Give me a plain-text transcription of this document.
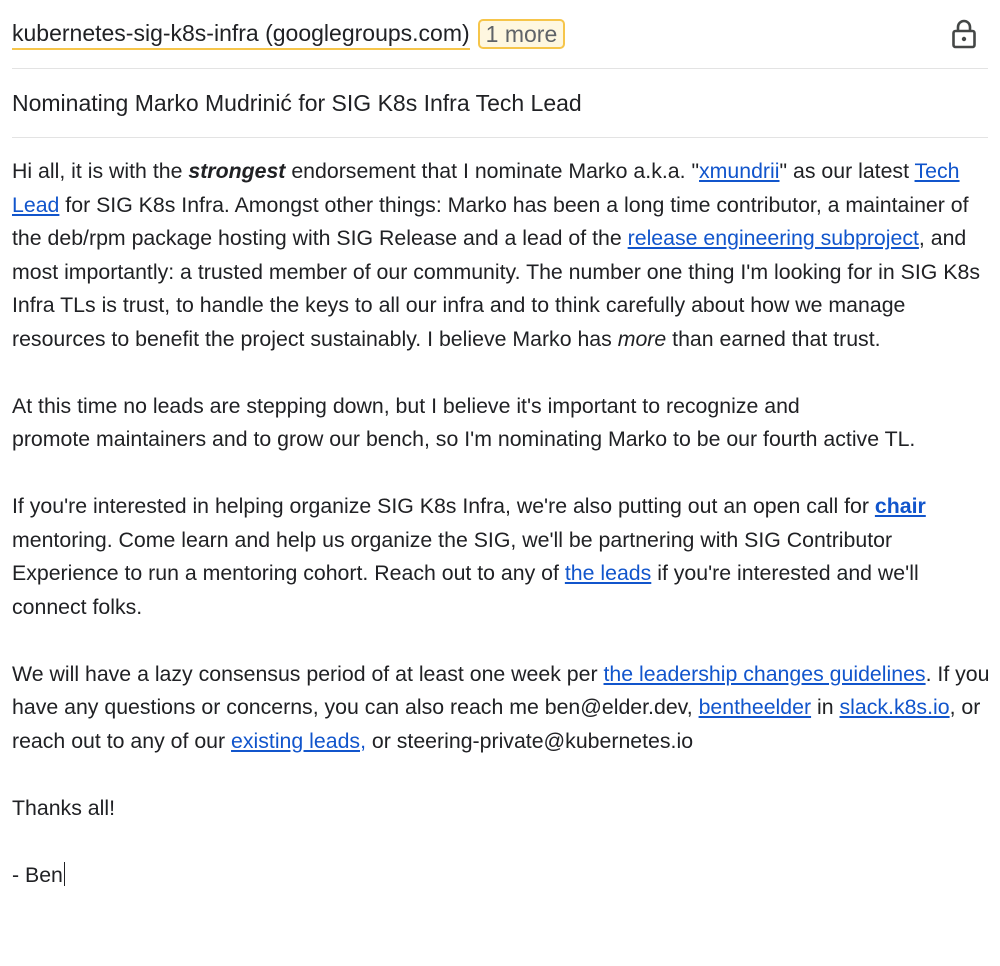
kubernetes-sig-k8s-infra (googlegroups.com) 1 more
Nominating Marko Mudrinić for SIG K8s Infra Tech Lead

Hi all, it is with the strongest endorsement that I nominate Marko a.k.a. "xmundrii" as our latest Tech Lead for SIG K8s Infra. Amongst other things: Marko has been a long time contributor, a maintainer of the deb/rpm package hosting with SIG Release and a lead of the release engineering subproject, and most importantly: a trusted member of our community. The number one thing I'm looking for in SIG K8s Infra TLs is trust, to handle the keys to all our infra and to think carefully about how we manage resources to benefit the project sustainably. I believe Marko has more than earned that trust.

At this time no leads are stepping down, but I believe it's important to recognize and
promote maintainers and to grow our bench, so I'm nominating Marko to be our fourth active TL.

If you're interested in helping organize SIG K8s Infra, we're also putting out an open call for chair mentoring. Come learn and help us organize the SIG, we'll be partnering with SIG Contributor Experience to run a mentoring cohort. Reach out to any of the leads if you're interested and we'll connect folks.

We will have a lazy consensus period of at least one week per the leadership changes guidelines. If you have any questions or concerns, you can also reach me ben@elder.dev, bentheelder in slack.k8s.io, or reach out to any of our existing leads, or steering-private@kubernetes.io

Thanks all!

- Ben
